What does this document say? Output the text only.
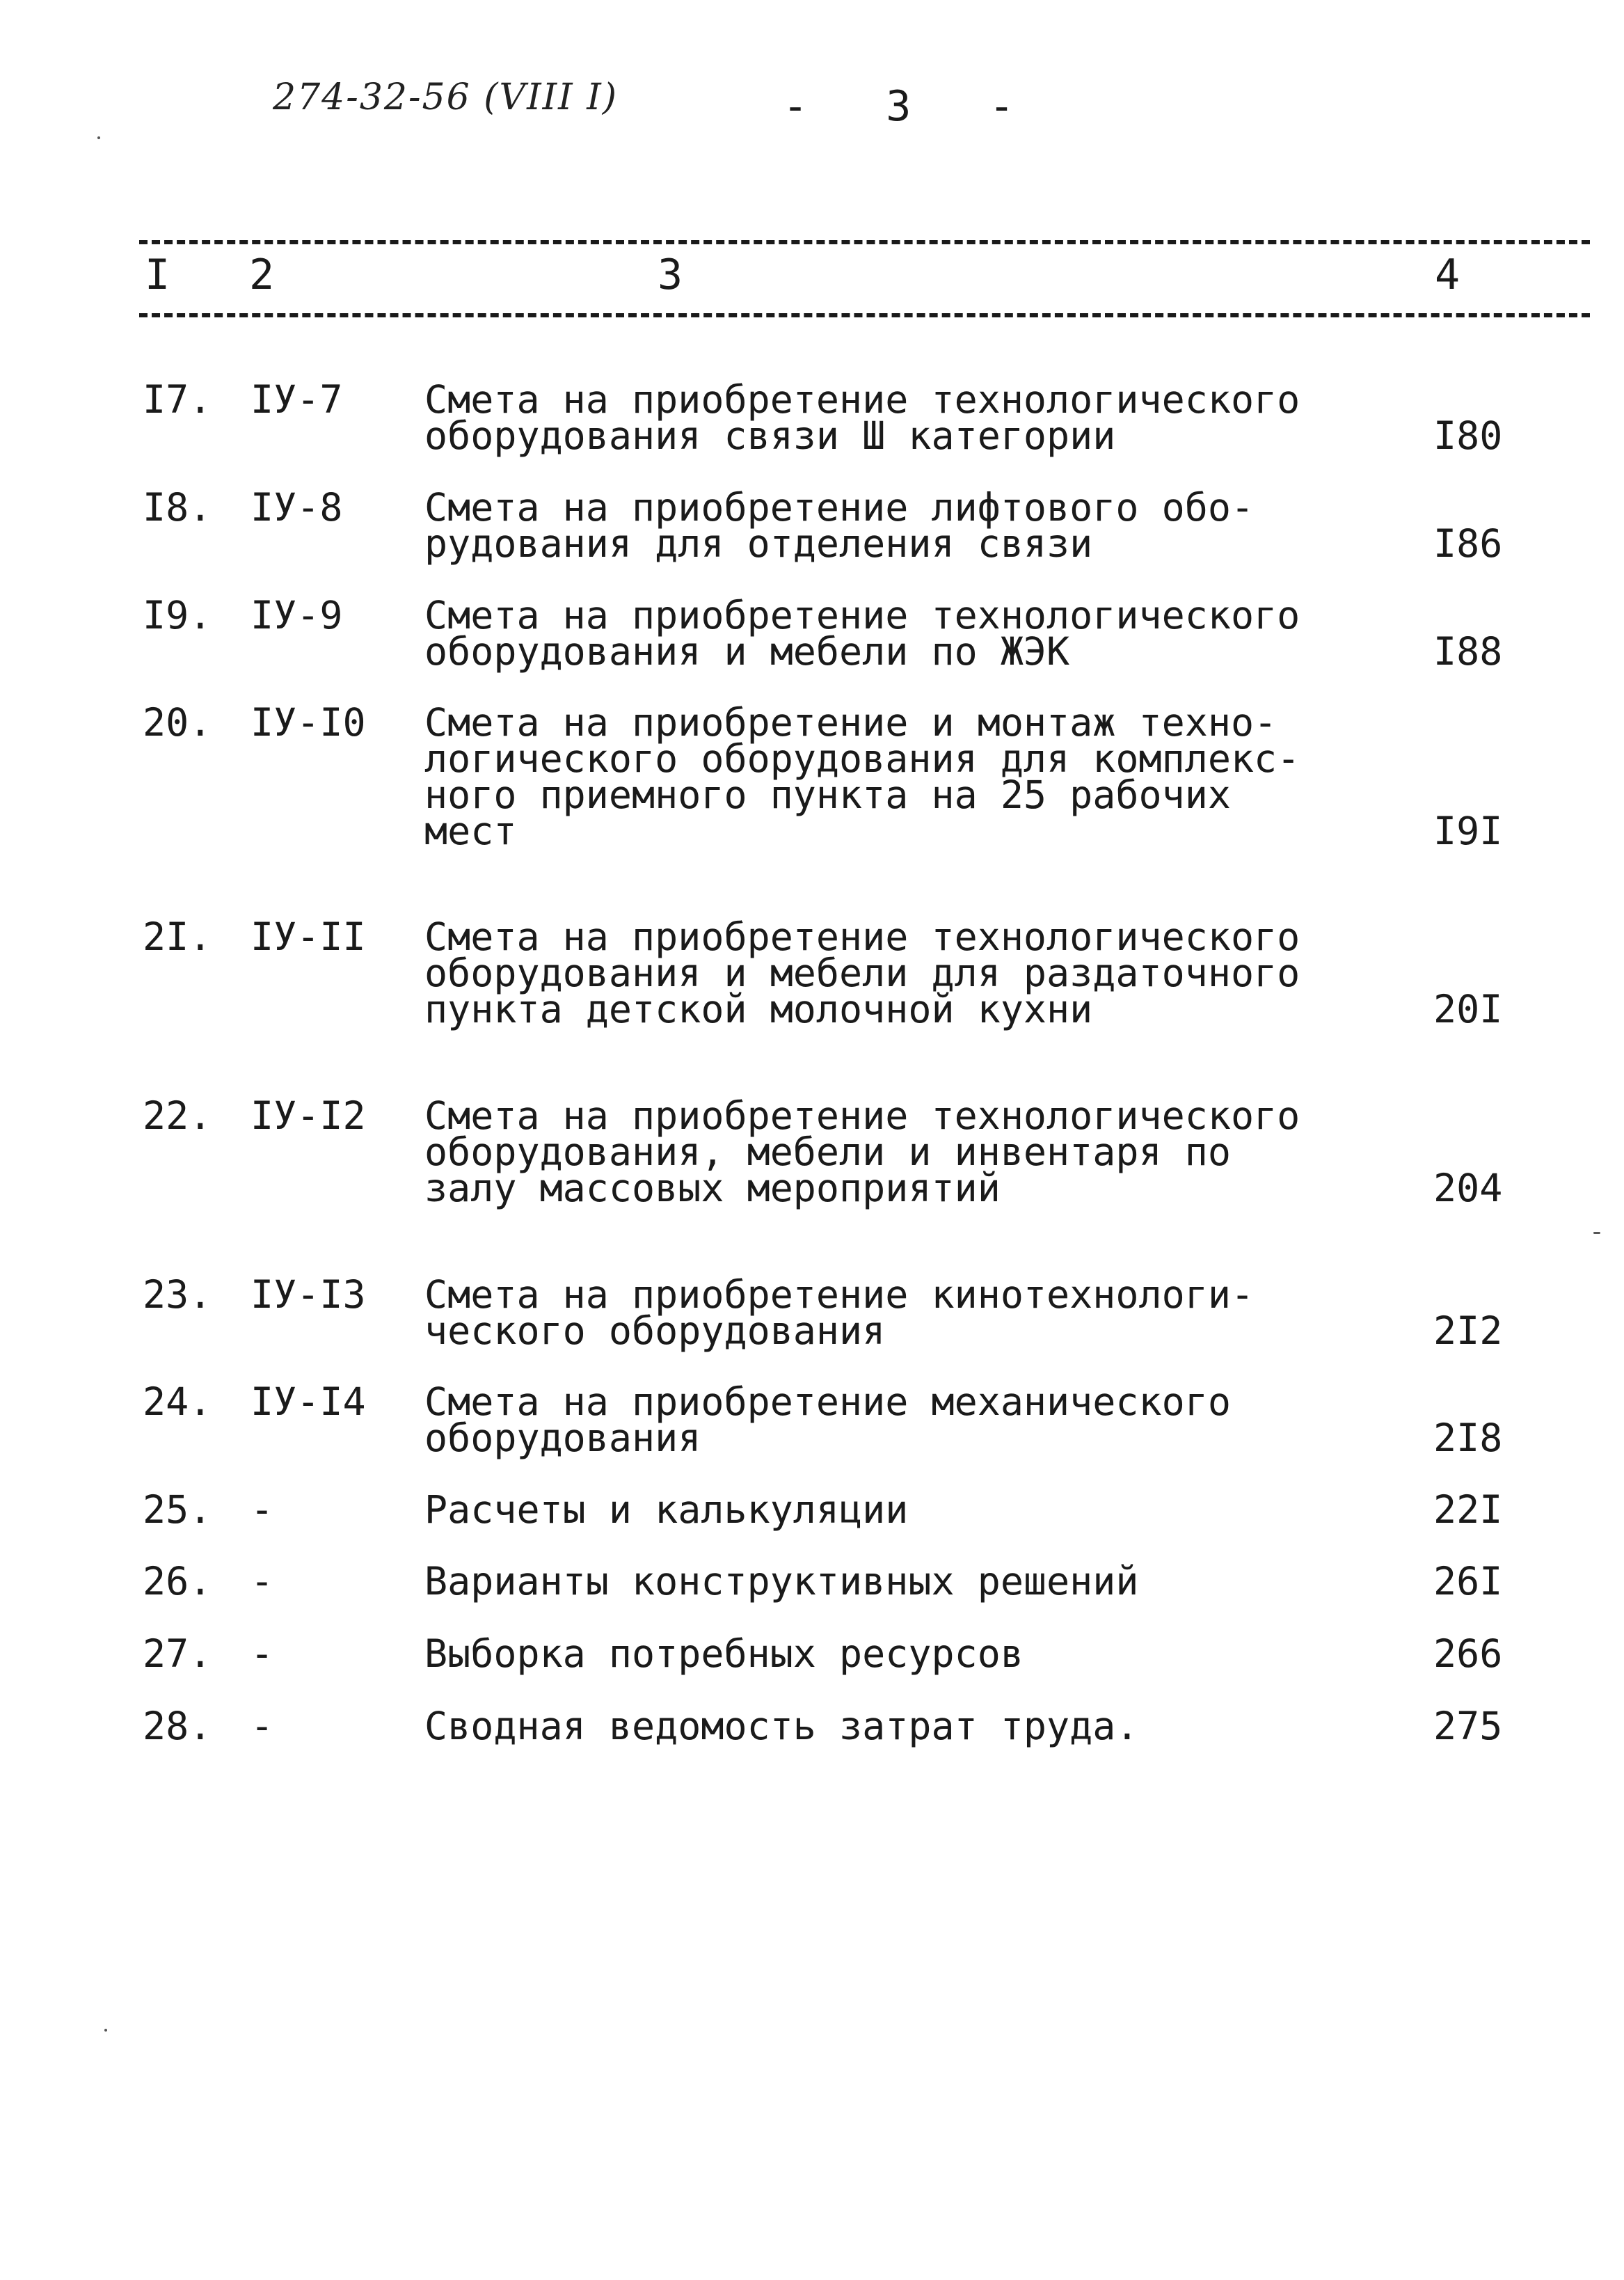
274-32-56 (VIII I)	- 3 -
I 2	3	4
I7. IУ-7 Смета на приобретение технологического
оборудования связи Ш категории	I80
I8. IУ-8 Смета на приобретение лифтового обо-
рудования для отделения связи	I86
I9. IУ-9 Смета на приобретение технологического
оборудования и мебели по ЖЭК	I88
20. IУ-I0 Смета на приобретение и монтаж техно-
логического оборудования для комплекс-
ного приемного пункта на 25 рабочих
мест	I9I
2I. IУ-II Смета на приобретение технологического
оборудования и мебели для раздаточного
пункта детской молочной кухни	20I
22. IУ-I2 Смета на приобретение технологического
оборудования, мебели и инвентаря по
залу массовых мероприятий	204
23. IУ-I3 Смета на приобретение кинотехнологи-
ческого оборудования	2I2
24. IУ-I4 Смета на приобретение механического
оборудования	2I8
25. -	Расчеты и калькуляции	22I
26. -	Варианты конструктивных решений	26I
27. -	Выборка потребных ресурсов	266
28. -	Сводная ведомость затрат труда.	275
